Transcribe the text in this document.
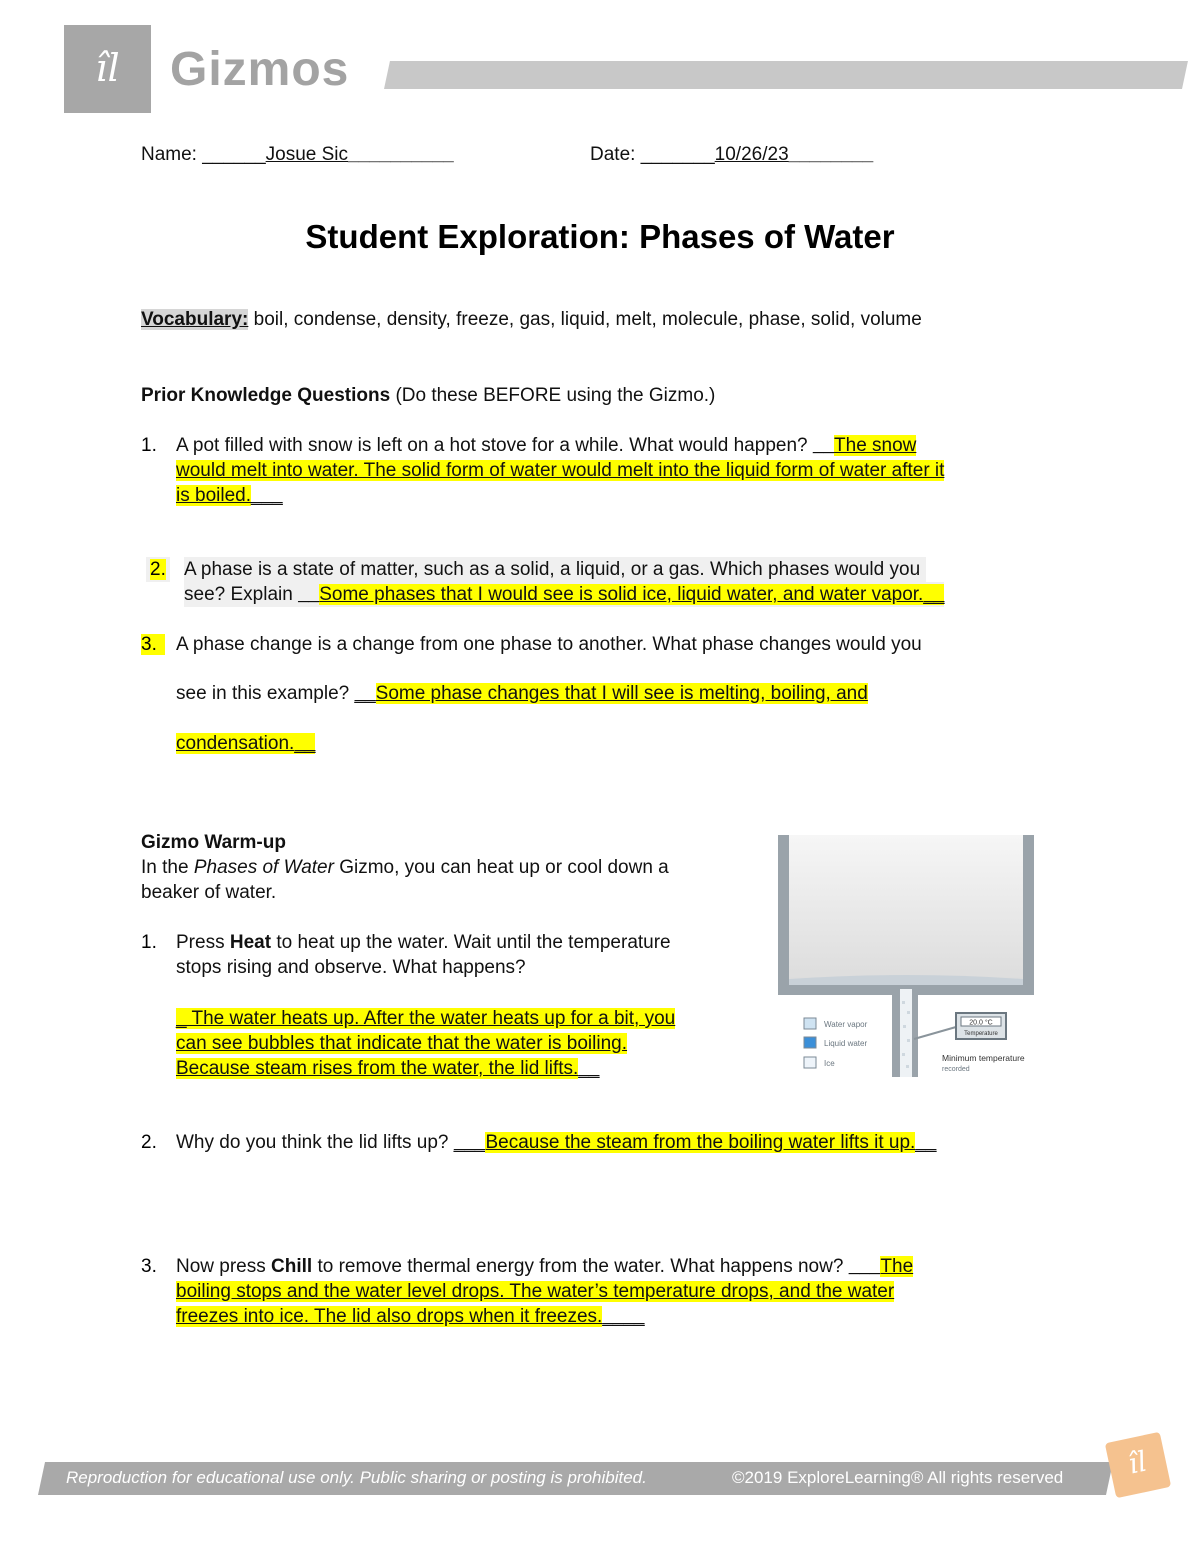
îl	Gizmos
Name: ______Josue Sic__________	Date: _______10/26/23________
Student Exploration: Phases of Water
Vocabulary: boil, condense, density, freeze, gas, liquid, melt, molecule, phase, solid, volume
Prior Knowledge Questions (Do these BEFORE using the Gizmo.)
1. A pot filled with snow is left on a hot stove for a while. What would happen? __The snow
would melt into water. The solid form of water would melt into the liquid form of water after it
is boiled.___
2. A phase is a state of matter, such as a solid, a liquid, or a gas. Which phases would you
see? Explain __Some phases that I would see is solid ice, liquid water, and water vapor.__
3.	A phase change is a change from one phase to another. What phase changes would you
see in this example? __Some phase changes that I will see is melting, boiling, and
condensation.__
Gizmo Warm-up
In the Phases of Water Gizmo, you can heat up or cool down a
beaker of water.
1. Press Heat to heat up the water. Wait until the temperature
stops rising and observe. What happens?
_ The water heats up. After the water heats up for a bit, you
can see bubbles that indicate that the water is boiling.
Because steam rises from the water, the lid lifts.__
2. Why do you think the lid lifts up? ___Because the steam from the boiling water lifts it up.__
3. Now press Chill to remove thermal energy from the water. What happens now? ___The
boiling stops and the water level drops. The water’s temperature drops, and the water
freezes into ice. The lid also drops when it freezes.____
Water vapor
Liquid water
Ice
20.0 °C
Temperature
Minimum temperature
recorded
Reproduction for educational use only. Public sharing or posting is prohibited.	©2019 ExploreLearning® All rights reserved	îl
